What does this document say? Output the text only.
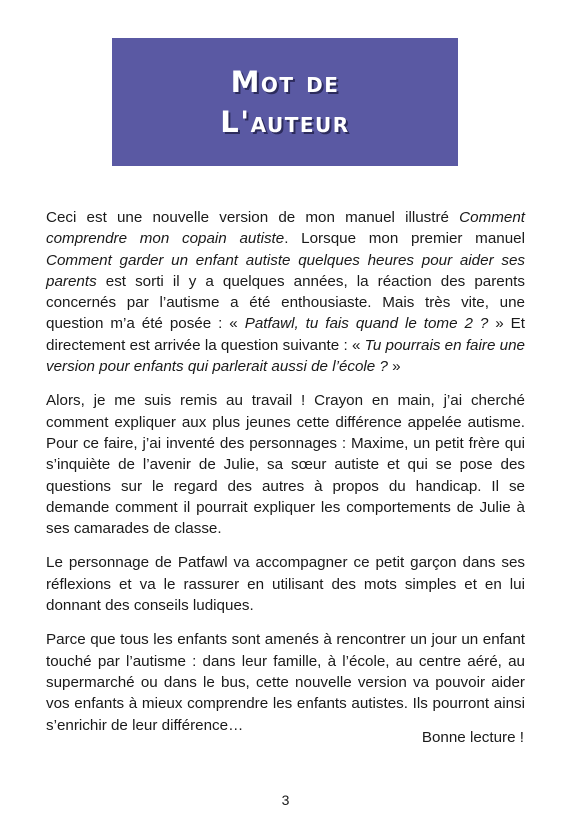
Mot de
L'auteur

Ceci est une nouvelle version de mon manuel illustré Comment comprendre mon copain autiste. Lorsque mon premier manuel Comment garder un enfant autiste quelques heures pour aider ses parents est sorti il y a quelques années, la réaction des parents concernés par l’autisme a été enthousiaste. Mais très vite, une question m’a été posée : « Patfawl, tu fais quand le tome 2 ? » Et directement est arrivée la question suivante : « Tu pourrais en faire une version pour enfants qui parlerait aussi de l’école ? »

Alors, je me suis remis au travail ! Crayon en main, j’ai cherché comment expliquer aux plus jeunes cette différence appelée autisme. Pour ce faire, j’ai inventé des personnages : Maxime, un petit frère qui s’inquiète de l’avenir de Julie, sa sœur autiste et qui se pose des questions sur le regard des autres à propos du handicap. Il se demande comment il pourrait expliquer les comportements de Julie à ses camarades de classe.

Le personnage de Patfawl va accompagner ce petit garçon dans ses réflexions et va le rassurer en utilisant des mots simples et en lui donnant des conseils ludiques.

Parce que tous les enfants sont amenés à rencontrer un jour un enfant touché par l’autisme : dans leur famille, à l’école, au centre aéré, au supermarché ou dans le bus, cette nouvelle version va pouvoir aider vos enfants à mieux comprendre les enfants autistes. Ils pourront ainsi s’enrichir de leur différence…

Bonne lecture !
3
